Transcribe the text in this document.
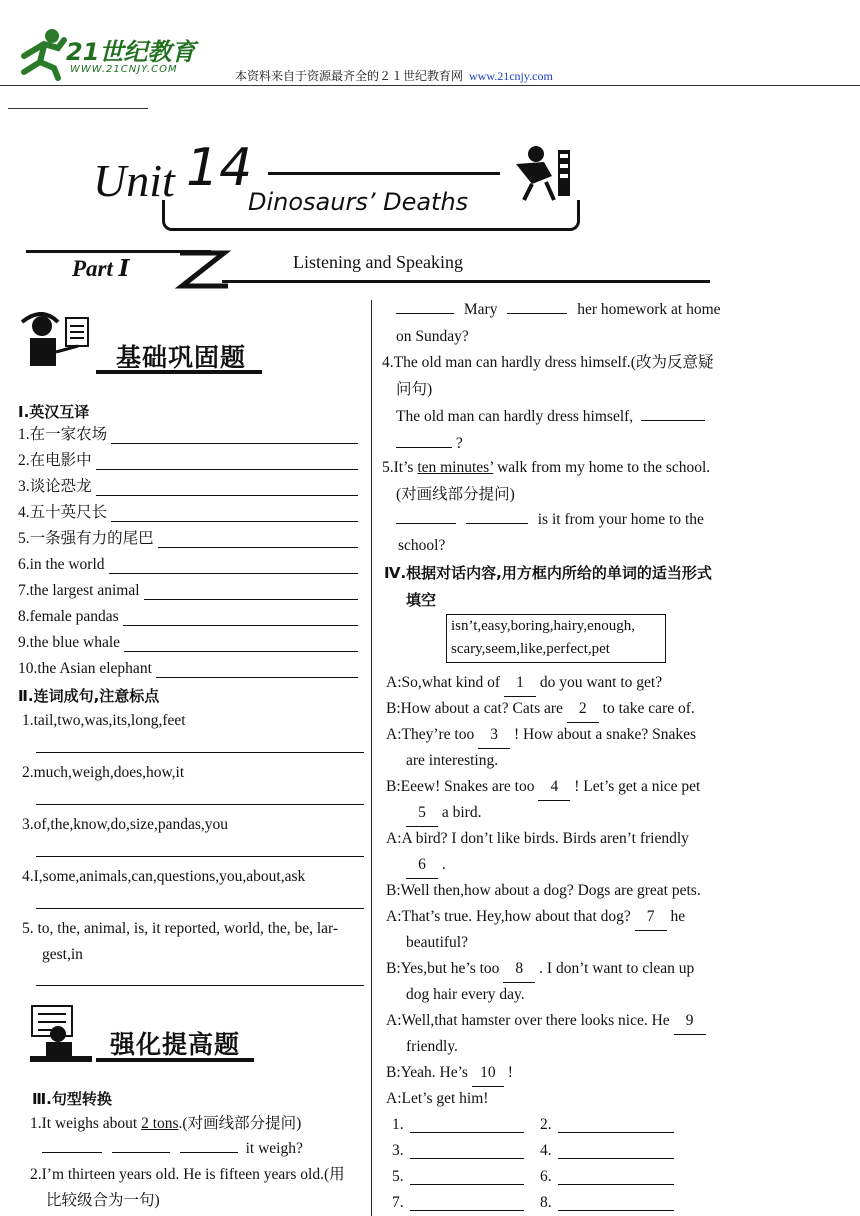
21世纪教育
WWW.21CNJY.COM	本资料来自于资源最齐全的２１世纪教育网 www.21cnjy.com
Unit 14
Dinosaurs’ Deaths
Part Ⅰ	Listening and Speaking
基础巩固题
Ⅰ.英汉互译
1.在一家农场
2.在电影中
3.谈论恐龙
4.五十英尺长
5.一条强有力的尾巴
6.in the world
7.the largest animal
8.female pandas
9.the blue whale
10.the Asian elephant
Ⅱ.连词成句,注意标点
1.tail,two,was,its,long,feet
2.much,weigh,does,how,it
3.of,the,know,do,size,pandas,you
4.I,some,animals,can,questions,you,about,ask
5. to, the, animal, is, it reported, world, the, be, lar-
gest,in
强化提高题
Ⅲ.句型转换
1.It weighs about 2 tons.(对画线部分提问)
it weigh?
2.I’m thirteen years old. He is fifteen years old.(用
比较级合为一句)
Mary	her homework at home
on Sunday?
4.The old man can hardly dress himself.(改为反意疑
问句)
The old man can hardly dress himself,
?
5.It’s ten minutes’ walk from my home to the school.
(对画线部分提问)
is it from your home to the
school?
Ⅳ.根据对话内容,用方框内所给的单词的适当形式
填空
isn’t,easy,boring,hairy,enough,
scary,seem,like,perfect,pet
A:So,what kind of 1 do you want to get?
B:How about a cat? Cats are 2 to take care of.
A:They’re too 3 ! How about a snake? Snakes
are interesting.
B:Eeew! Snakes are too 4 ! Let’s get a nice pet
5 a bird.
A:A bird? I don’t like birds. Birds aren’t friendly
6 .
B:Well then,how about a dog? Dogs are great pets.
A:That’s true. Hey,how about that dog? 7 he
beautiful?
B:Yes,but he’s too 8 . I don’t want to clean up
dog hair every day.
A:Well,that hamster over there looks nice. He 9
friendly.
B:Yeah. He’s 10 !
A:Let’s get him!
1.	2.
3.	4.
5.	6.
7.	8.
